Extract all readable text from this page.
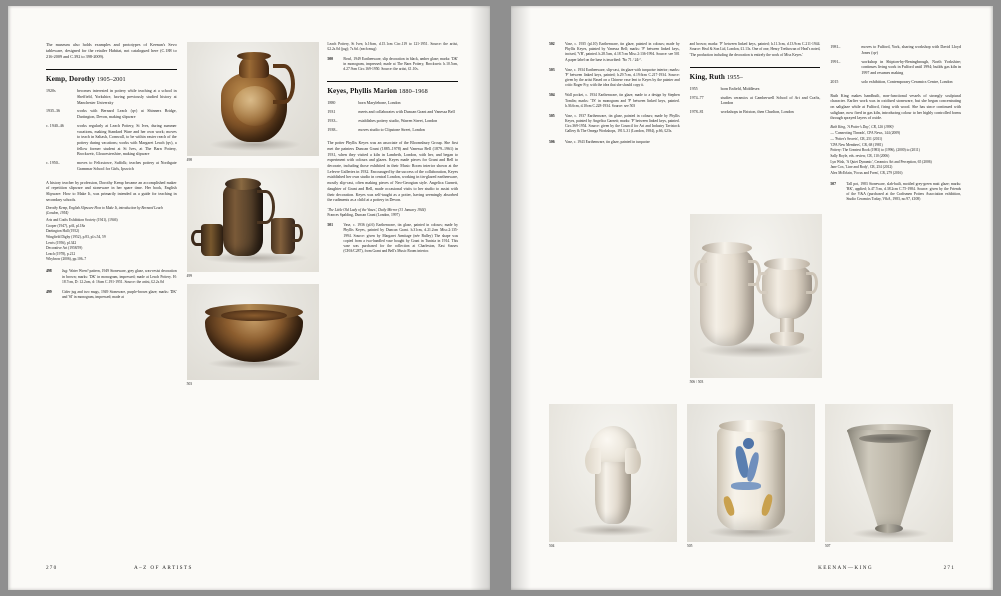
The museum also holds examples and prototypes of Keenan's Sevo tableware, designed for the retailer Habitat, not catalogued here (C.188 to 216-2009 and C.392 to 398-2009).

Kemp, Dorothy 1905–2001
1920s	becomes interested in pottery while teaching at a school in Sheffield, Yorkshire, having previously studied history at Manchester University
1935–36	works with Bernard Leach (qv) at Shinners Bridge, Dartington, Devon, making slipware
c. 1940–46	works regularly at Leach Pottery, St Ives, during summer vacations, making Standard Ware and her own work; moves to teach in Saltash, Cornwall, to be within easier reach of the pottery during vacations; works with Margaret Leach (qv), a fellow former student at St Ives, at The Barn Pottery, Brockweir, Gloucestershire, making slipware
c. 1950–	moves to Felixstowe, Suffolk; teaches pottery at Northgate Grammar School for Girls, Ipswich

A history teacher by profession, Dorothy Kemp became an accomplished maker of repetition slipware and stoneware in her spare time. Her book, English Slipware: How to Make It, was primarily intended as a guide for teaching in secondary schools.

Dorothy Kemp, English Slipware How to Make It, introduction by Bernard Leach (London, 1954)
Arts and Crafts Exhibition Society (1941), (1946)
Cooper (1947), p.6l, pl.18a
Dartington Hall (1952)
Wingfield Digby (1952), p.83, pl.s.54, 59
Lewis (1956), pl.342
Decorative Art (1958/59)
Leach (1978), p.212
Whybrow (2006), pp.106–7
498	Jug: Water Wren? pattern, 1949 Stoneware, grey glaze, wax-resist decoration in brown; marks: 'DK' in monogram, impressed; made at Leach Pottery. H: 18.7cm, D: 12.2cm, d: 16cm C.191-1951. Source: the artist, £2.2s.0d
499	Cider jug and two mugs, 1949 Stoneware, purple-brown glaze; marks: 'DK' and 'SI' in monogram, impressed; made at
498
499
503

Leach Pottery, St Ives; h.16cm, d.15.1cm Circ.119 to 121-1951. Source: the artist, £2.2s.0d (jug); 7s.6d. (each mug)

500	Bowl, 1949 Earthenware, slip decoration in black, amber glaze; marks: 'DK' in monogram, impressed; made at The Barn Pottery, Brockweir. h.10.5cm, d.27.9cm Circ.169-1950. Source: the artist, £1.10s.
Keyes, Phyllis Marion 1880–1968
1880	born Marylebone, London
1931	meets and collaborates with Duncan Grant and Vanessa Bell
1933–	establishes pottery studio, Warren Street, London
1938–	moves studio to Clipstone Street, London

The potter Phyllis Keyes was an associate of the Bloomsbury Group. She first met the painters Duncan Grant (1885–1978) and Vanessa Bell (1879–1961) in 1931, when they visited a kiln in Lambeth, London, with her, and began to experiment with colours and glazes. Keyes made pieces for Grant and Bell to decorate, including those exhibited in their Music Room interior shown at the Lefevre Galleries in 1932. Encouraged by the success of the collaboration, Keyes established her own studio in central London, working in tin-glazed earthenware, mostly slip-cast, often making pieces of Neo-Georgian style. Angelica Garnett, daughter of Grant and Bell, made occasional visits to her studio to assist with their decoration. Keyes was self-taught as a potter, having seemingly absorbed the rudiments as a child at a pottery in Devon.

'The Little Old Lady of the Vases', Daily Mirror (31 January 1944)
Frances Spalding, Duncan Grant (London, 1997)
501	Vase, c. 1936 (pl.6) Earthenware, tin glaze, painted in colours; made by Phyllis Keyes, painted by Duncan Grant. h.31cm, d.21.2cm Misc.2:135-1994. Source: given by Margaret Armitage (née Bulley) The shape was copied from a two-handled vase bought by Grant in Tunisia in 1914. This vase was purchased for the collection at Charleston, East Sussex (CHA/C287), from Grant and Bell's Music Room interior.
270	A–Z OF ARTISTS
502	Vase, c. 1935 (pl.10) Earthenware, tin glaze, painted in colours; made by Phyllis Keyes, painted by Vanessa Bell; marks: 'P' between linked keys, incised, 'VB', painted. h.28.5cm, d.18.7cm Misc.2:136-1994. Source: see 501 A paper label on the base is inscribed: 'No 71 / 24/-'.
503	Vase, c. 1934 Earthenware, slip-cast, tin glaze with turquoise interior; marks: 'P' between linked keys, painted; h.29.7cm, d.19.6cm C.217-1934. Source: given by the artist Based on a Chinese vase lent to Keyes by the painter and critic Roger Fry, with the idea that she should copy it.
504	Wall pocket, c. 1934 Earthenware, tin glaze, made to a design by Stephen Tomlin; marks: 'TS' in monogram and 'P' between linked keys, painted. h.36.6cm, d.10cm C.228-1934. Source: see 503
505	Vase, c. 1937 Earthenware, tin glaze, painted in colours; made by Phyllis Keyes, painted by Angelica Garnett; marks: 'P' between linked keys, painted. Circ.369-1954. Source: given by the Council for Art and Industry Tavistock Gallery & The Omega Workshops, 1913–31 (London, 1984), p.66, £23s.
506	Vase, c. 1943 Earthenware, tin glaze, painted in turquoise

and brown; marks: 'P' between linked keys, painted; h.11.3cm, d.13.9cm C.211-1944. Source: Heal & Son Ltd, London, £1.13s. One of one, Henry Trethowan of Heal's noted, 'The production including the decoration is entirely the work of Miss Keyes.'

King, Ruth 1955–
1955	born Enfield, Middlesex
1974–77	studies ceramics at Camberwell School of Art and Crafts, London
1978–81	workshops in Brixton, then Charlton, London
506 / 503
1981–	moves to Fulford, York, sharing workshop with David Lloyd Jones (qv)
1991–	workshop in Shipton-by-Beningbrough, North Yorkshire; continues living work in Fulford until 1994; builds gas kiln in 1997 and resumes making
2015	solo exhibition, Contemporary Ceramics Centre, London

Ruth King makes handbuilt, non-functional vessels of strongly sculptural character. Earlier work was in oxidised stoneware, but she began concentrating on saltglaze while at Fulford, firing with wood. She has since continued with saltglaze, now fired in gas kiln, introducing colour to her highly controlled forms through sprayed layers of oxide.

Ruth King, 'A Potter's Day', CR, 126 (1990)
— 'Connecting Threads', CPA News, 144 (2009)
— 'Potter's Secrets', CR, 251 (2011)
'CPA New Members', CR, 68 (1981)
Pottery: The Greatest Book (1983) to (1996), (2000) to (2011)
Sally Boyle, eds. review, CR, 110 (2006)
Lyn Wish, 'A Quiet Dynamic', Ceramics Art and Perception, 65 (2006)
Jane Cox, 'Line and Body', CR, 254 (2012)
Alex McErlain, 'Focus and Form', CR, 279 (2016)
507	Tall pot, 1983 Stoneware, slab-built, mottled grey-green matt glaze; marks: 'RK', applied; h.47.7cm, d.38.2cm C.75-1984. Source: given by the Friends of the V&A (purchased at the Craftsmen Potters Association exhibition, Studio Ceramics Today, V&A, 1983, no.97, £108)
504	505	507
271
KEENAN—KING
